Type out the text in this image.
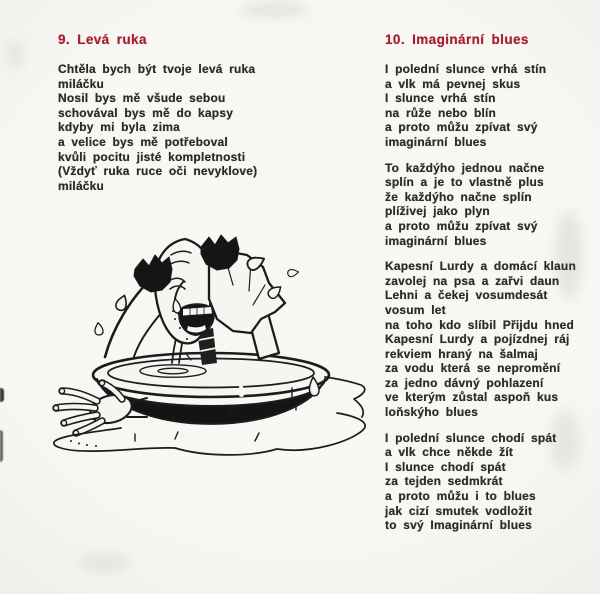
9. Levá ruka
Chtěla bych být tvoje levá ruka
miláčku
Nosil bys mě všude sebou
schovával bys mě do kapsy
kdyby mi byla zima
a velice bys mě potřeboval
kvůli pocitu jisté kompletnosti
(Vždyť ruka ruce oči nevyklove)
miláčku
10. Imaginární blues
I polední slunce vrhá stín
a vlk má pevnej skus
I slunce vrhá stín
na růže nebo blín
a proto můžu zpívat svý
imaginární blues
To každýho jednou načne
splín a je to vlastně plus
že každýho načne splín
plíživej jako plyn
a proto můžu zpívat svý
imaginární blues
Kapesní Lurdy a domácí klaun
zavolej na psa a zařvi daun
Lehni a čekej vosumdesát
vosum let
na toho kdo slíbil Přijdu hned
Kapesní Lurdy a pojízdnej ráj
rekviem hraný na šalmaj
za vodu která se nepromění
za jedno dávný pohlazení
ve kterým zůstal aspoň kus
loňskýho blues
I polední slunce chodí spát
a vlk chce někde žít
I slunce chodí spát
za tejden sedmkrát
a proto můžu i to blues
jak cizí smutek vodložit
to svý Imaginární blues
